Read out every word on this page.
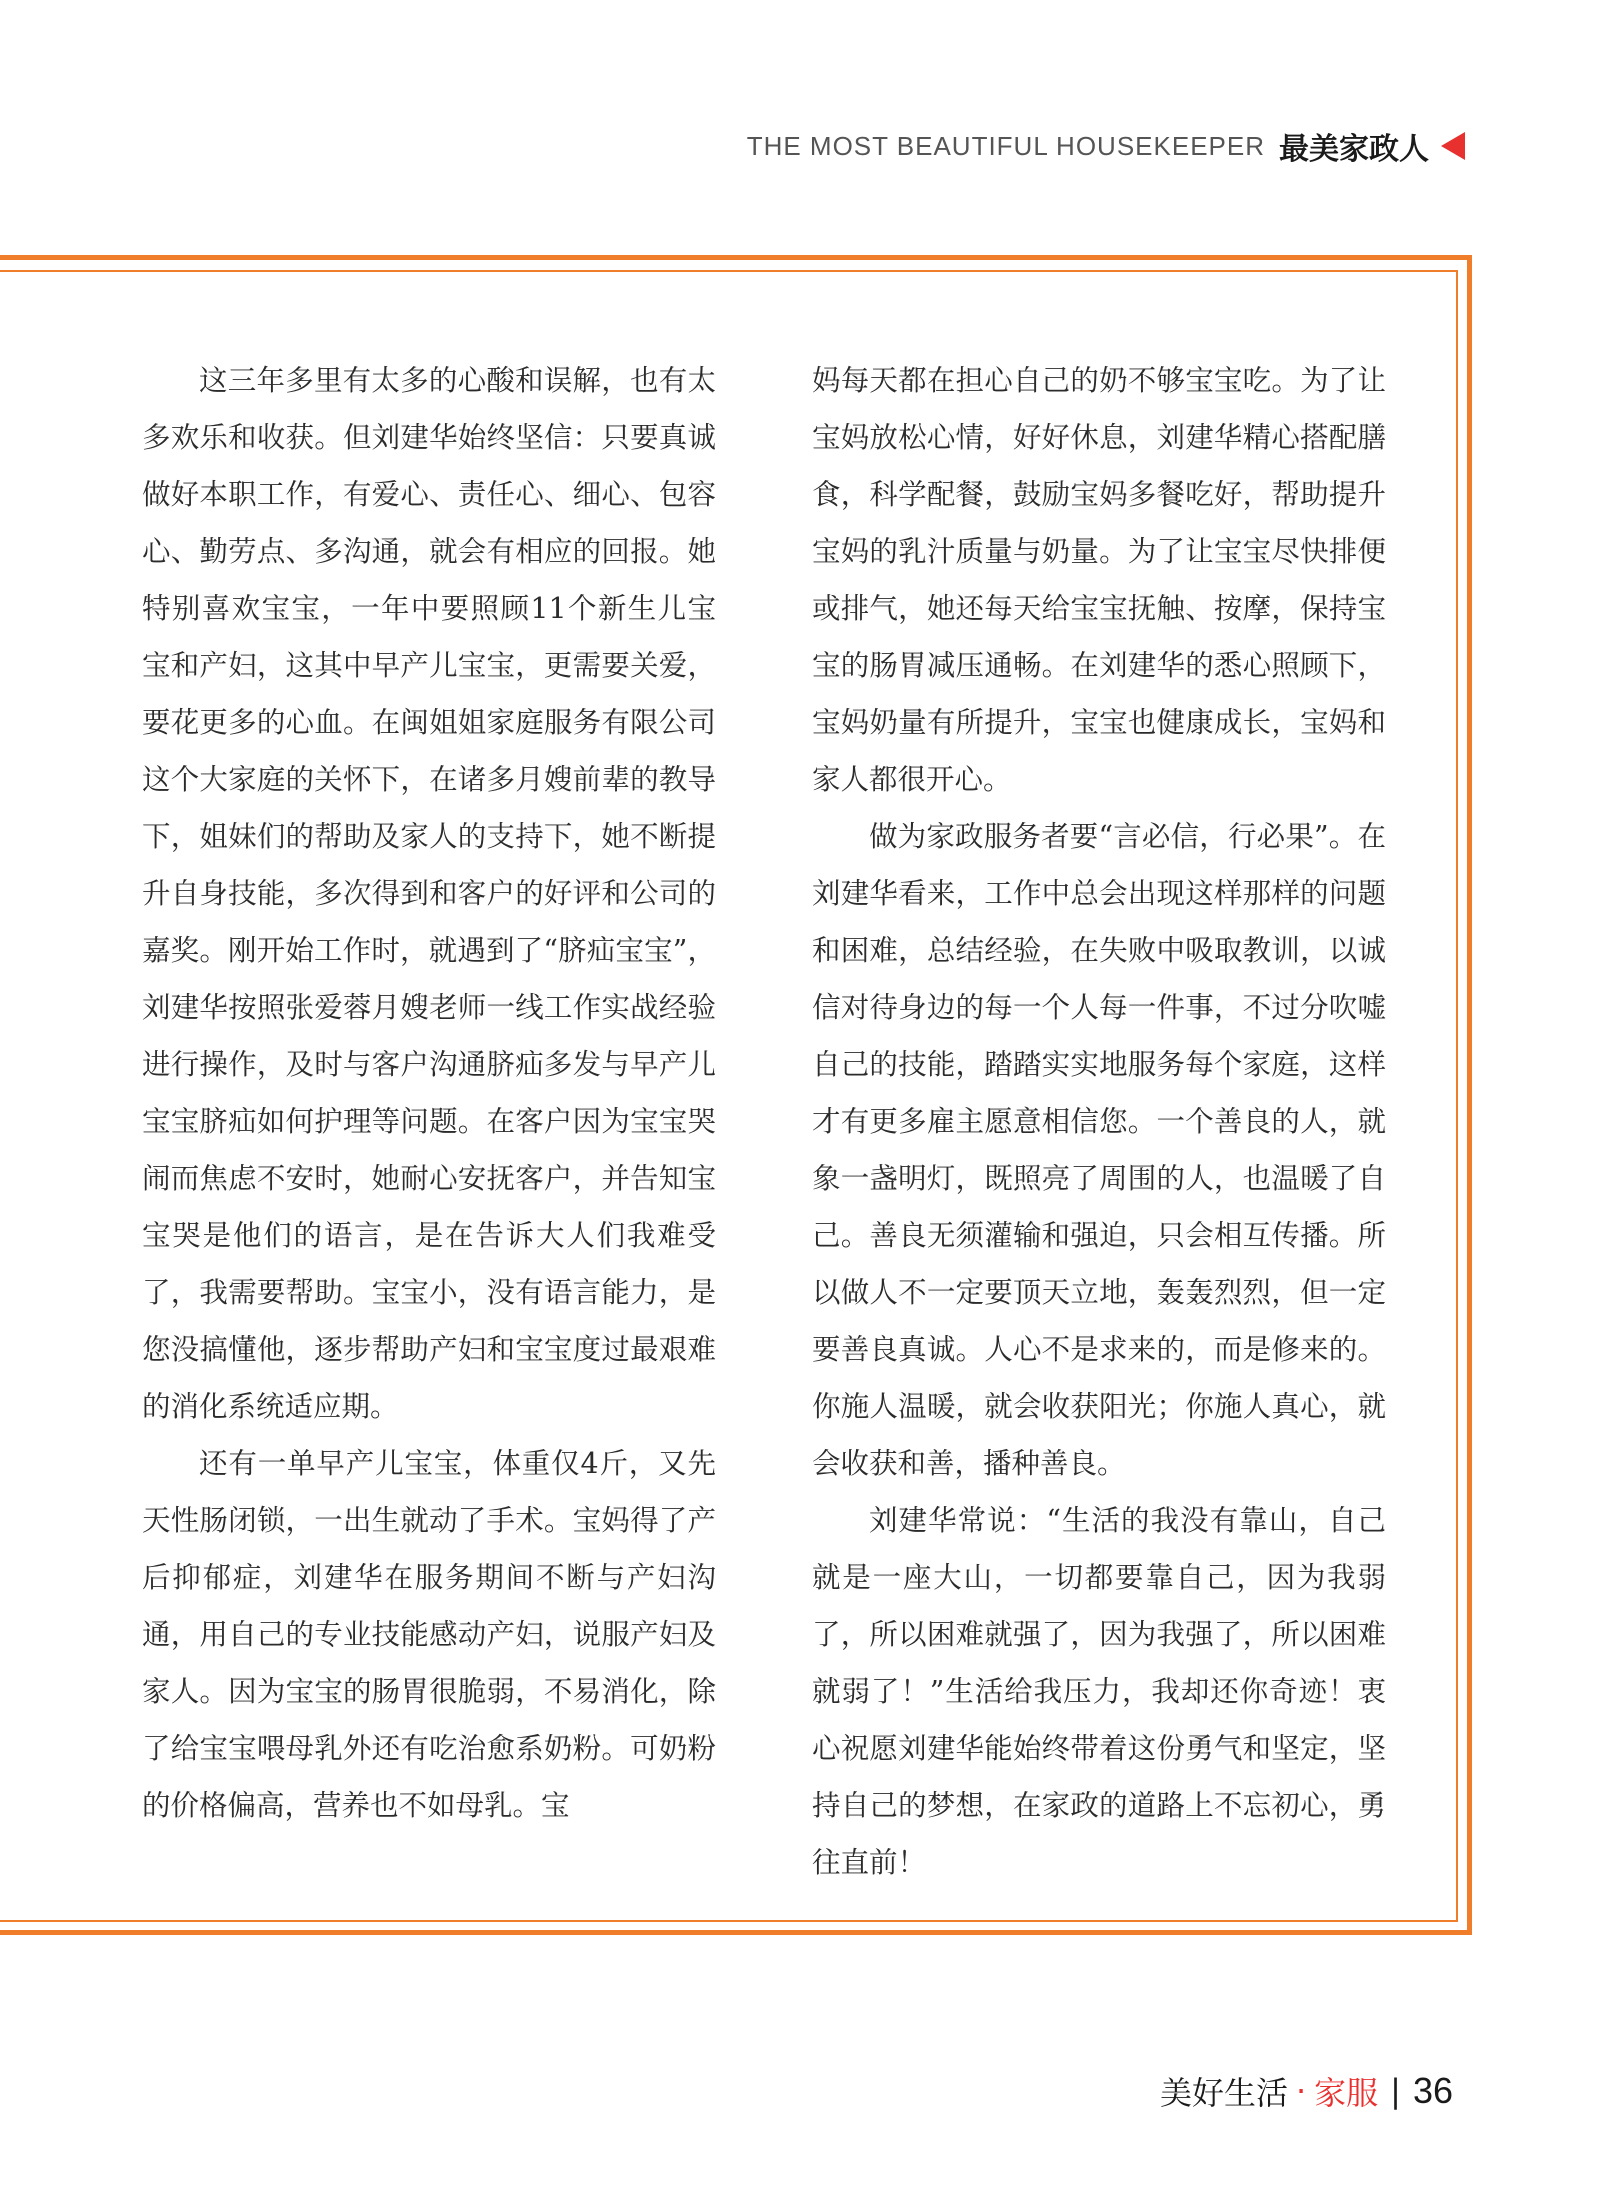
THE MOST BEAUTIFUL HOUSEKEEPER 最美家政人

这三年多里有太多的心酸和误解，也有太多欢乐和收获。但刘建华始终坚信：只要真诚做好本职工作，有爱心、责任心、细心、包容心、勤劳点、多沟通，就会有相应的回报。她特别喜欢宝宝，一年中要照顾11个新生儿宝宝和产妇，这其中早产儿宝宝，更需要关爱，要花更多的心血。在闽姐姐家庭服务有限公司这个大家庭的关怀下，在诸多月嫂前辈的教导下，姐妹们的帮助及家人的支持下，她不断提升自身技能，多次得到和客户的好评和公司的嘉奖。刚开始工作时，就遇到了“脐疝宝宝”，刘建华按照张爱蓉月嫂老师一线工作实战经验进行操作，及时与客户沟通脐疝多发与早产儿宝宝脐疝如何护理等问题。在客户因为宝宝哭闹而焦虑不安时，她耐心安抚客户，并告知宝宝哭是他们的语言，是在告诉大人们我难受了，我需要帮助。宝宝小，没有语言能力，是您没搞懂他，逐步帮助产妇和宝宝度过最艰难的消化系统适应期。

还有一单早产儿宝宝，体重仅4斤，又先天性肠闭锁，一出生就动了手术。宝妈得了产后抑郁症，刘建华在服务期间不断与产妇沟通，用自己的专业技能感动产妇，说服产妇及家人。因为宝宝的肠胃很脆弱，不易消化，除了给宝宝喂母乳外还有吃治愈系奶粉。可奶粉的价格偏高，营养也不如母乳。宝

妈每天都在担心自己的奶不够宝宝吃。为了让宝妈放松心情，好好休息，刘建华精心搭配膳食，科学配餐，鼓励宝妈多餐吃好，帮助提升宝妈的乳汁质量与奶量。为了让宝宝尽快排便或排气，她还每天给宝宝抚触、按摩，保持宝宝的肠胃减压通畅。在刘建华的悉心照顾下，宝妈奶量有所提升，宝宝也健康成长，宝妈和家人都很开心。

做为家政服务者要“言必信，行必果”。在刘建华看来，工作中总会出现这样那样的问题和困难，总结经验，在失败中吸取教训，以诚信对待身边的每一个人每一件事，不过分吹嘘自己的技能，踏踏实实地服务每个家庭，这样才有更多雇主愿意相信您。一个善良的人，就象一盏明灯，既照亮了周围的人，也温暖了自己。善良无须灌输和强迫，只会相互传播。所以做人不一定要顶天立地，轰轰烈烈，但一定要善良真诚。人心不是求来的，而是修来的。你施人温暖，就会收获阳光；你施人真心，就会收获和善，播种善良。

刘建华常说：“生活的我没有靠山，自己就是一座大山，一切都要靠自己，因为我弱了，所以困难就强了，因为我强了，所以困难就弱了！”生活给我压力，我却还你奇迹！衷心祝愿刘建华能始终带着这份勇气和坚定，坚持自己的梦想，在家政的道路上不忘初心，勇往直前！

美好生活 · 家服 | 36
